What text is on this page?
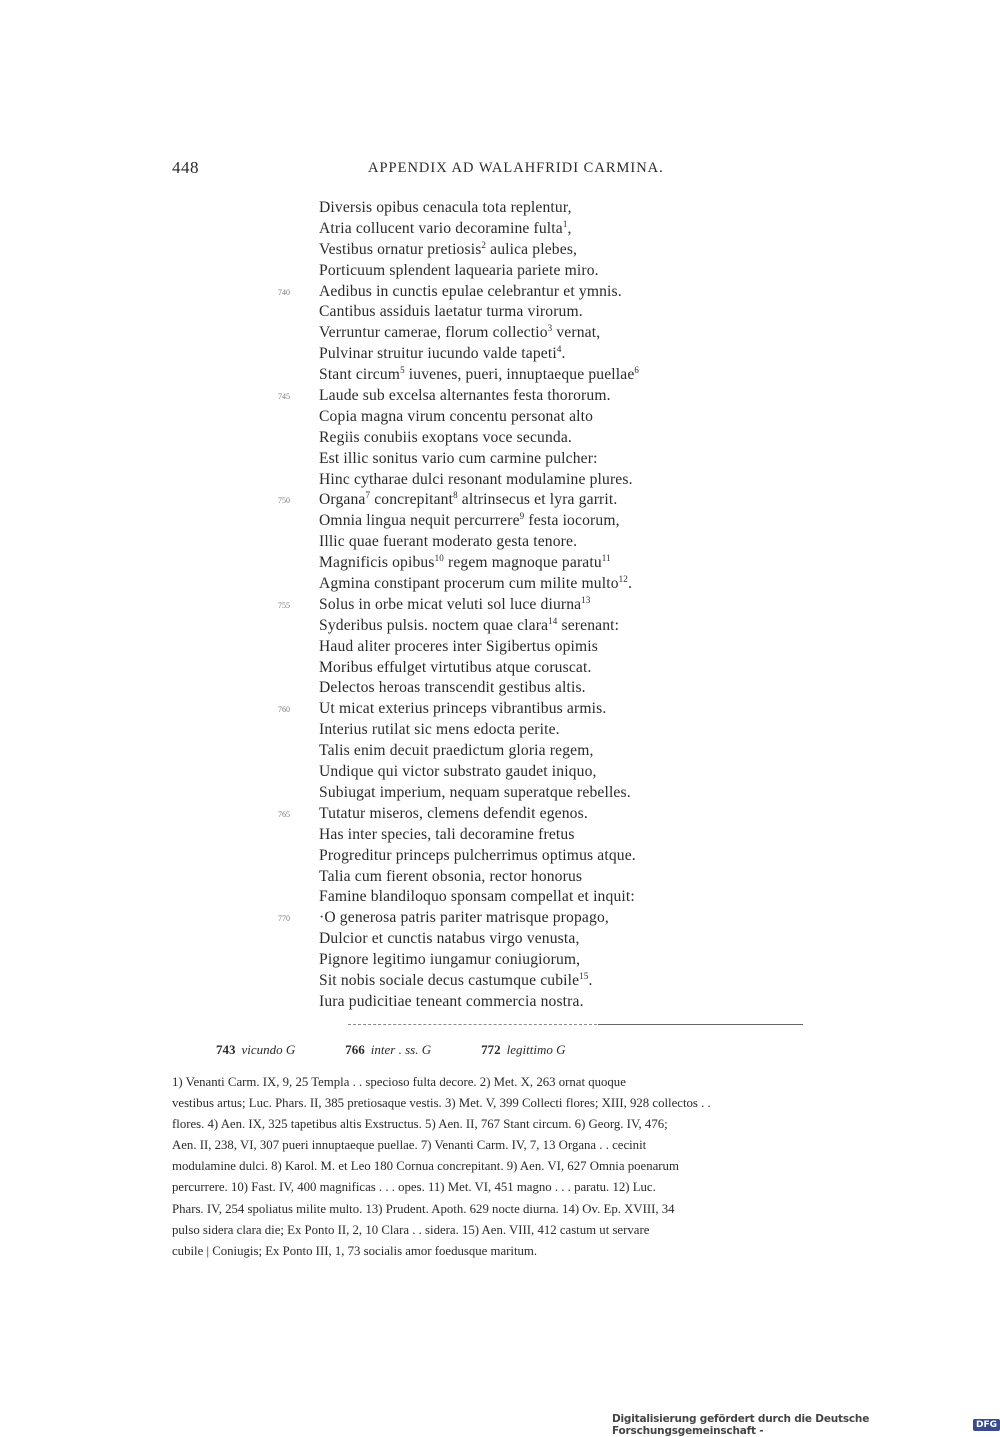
448	APPENDIX AD WALAHFRIDI CARMINA.
Diversis opibus cenacula tota replentur,
Atria collucent vario decoramine fulta$^1$,
Vestibus ornatur pretiosis$^2$ aulica plebes,
Porticuum splendent laquearia pariete miro.
740 Aedibus in cunctis epulae celebrantur et ymnis.
Cantibus assiduis laetatur turma virorum.
Verruntur camerae, florum collectio$^3$ vernat,
Pulvinar struitur iucundo valde tapeti$^4$.
Stant circum$^5$ iuvenes, pueri, innuptaeque puellae$^6$
745 Laude sub excelsa alternantes festa thororum.
Copia magna virum concentu personat alto
Regiis conubiis exoptans voce secunda.
Est illic sonitus vario cum carmine pulcher:
Hinc cytharae dulci resonant modulamine plures.
750 Organa$^7$ concrepitant$^8$ altrinsecus et lyra garrit.
Omnia lingua nequit percurrere$^9$ festa iocorum,
Illic quae fuerant moderato gesta tenore.
Magnificis opibus$^{10}$ regem magnoque paratu$^{11}$
Agmina constipant procerum cum milite multo$^{12}$.
755 Solus in orbe micat veluti sol luce diurna$^{13}$
Syderibus pulsis. noctem quae clara$^{14}$ serenant:
Haud aliter proceres inter Sigibertus opimis
Moribus effulget virtutibus atque coruscat.
Delectos heroas transcendit gestibus altis.
760 Ut micat exterius princeps vibrantibus armis.
Interius rutilat sic mens edocta perite.
Talis enim decuit praedictum gloria regem,
Undique qui victor substrato gaudet iniquo,
Subiugat imperium, nequam superatque rebelles.
765 Tutatur miseros, clemens defendit egenos.
Has inter species, tali decoramine fretus
Progreditur princeps pulcherrimus optimus atque.
Talia cum fierent obsonia, rector honorus
Famine blandiloquo sponsam compellat et inquit:
770 ·O generosa patris pariter matrisque propago,
Dulcior et cunctis natabus virgo venusta,
Pignore legitimo iungamur coniugiorum,
Sit nobis sociale decus castumque cubile$^{15}$.
Iura pudicitiae teneant commercia nostra.
743 vicundo G	766 inter . ss. G	772 legittimo G
1) Venanti Carm. IX, 9, 25 Templa . . specioso fulta decore. 2) Met. X, 263 ornat quoque
vestibus artus; Luc. Phars. II, 385 pretiosaque vestis. 3) Met. V, 399 Collecti flores; XIII, 928 collectos . .
flores. 4) Aen. IX, 325 tapetibus altis Exstructus. 5) Aen. II, 767 Stant circum. 6) Georg. IV, 476;
Aen. II, 238, VI, 307 pueri innuptaeque puellae. 7) Venanti Carm. IV, 7, 13 Organa . . cecinit
modulamine dulci. 8) Karol. M. et Leo 180 Cornua concrepitant. 9) Aen. VI, 627 Omnia poenarum
percurrere. 10) Fast. IV, 400 magnificas . . . opes. 11) Met. VI, 451 magno . . . paratu. 12) Luc.
Phars. IV, 254 spoliatus milite multo. 13) Prudent. Apoth. 629 nocte diurna. 14) Ov. Ep. XVIII, 34
pulso sidera clara die; Ex Ponto II, 2, 10 Clara . . sidera. 15) Aen. VIII, 412 castum ut servare
cubile | Coniugis; Ex Ponto III, 1, 73 socialis amor foedusque maritum.
Digitalisierung gefördert durch die Deutsche Forschungsgemeinschaft -	DFG
